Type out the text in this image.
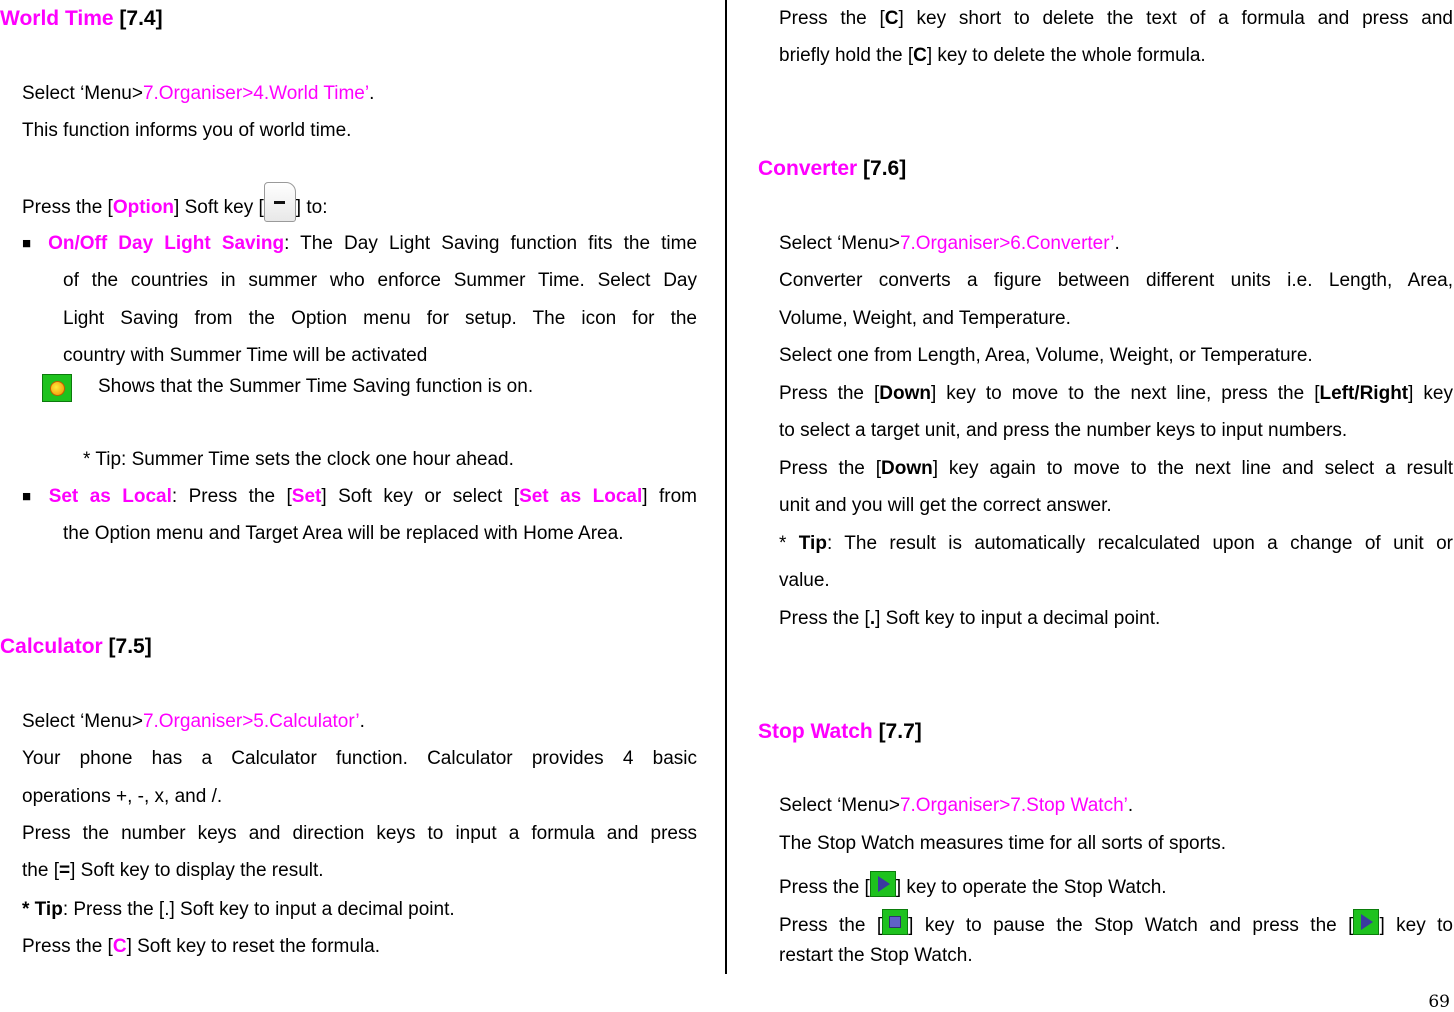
World Time [7.4]
Select ‘Menu>7.Organiser>4.World Time’.
This function informs you of world time.
Press the [Option] Soft key [ ] to:
■ On/Off Day Light Saving: The Day Light Saving function fits the time
of the countries in summer who enforce Summer Time. Select Day
Light Saving from the Option menu for setup. The icon for the
country with Summer Time will be activated
Shows that the Summer Time Saving function is on.
* Tip: Summer Time sets the clock one hour ahead.
■ Set as Local: Press the [Set] Soft key or select [Set as Local] from
the Option menu and Target Area will be replaced with Home Area.
Calculator [7.5]
Select ‘Menu>7.Organiser>5.Calculator’.
Your phone has a Calculator function. Calculator provides 4 basic
operations +, -, x, and /.
Press the number keys and direction keys to input a formula and press
the [=] Soft key to display the result.
* Tip: Press the [.] Soft key to input a decimal point.
Press the [C] Soft key to reset the formula.
Press the [C] key short to delete the text of a formula and press and
briefly hold the [C] key to delete the whole formula.
Converter [7.6]
Select ‘Menu>7.Organiser>6.Converter’.
Converter converts a figure between different units i.e. Length, Area,
Volume, Weight, and Temperature.
Select one from Length, Area, Volume, Weight, or Temperature.
Press the [Down] key to move to the next line, press the [Left/Right] key
to select a target unit, and press the number keys to input numbers.
Press the [Down] key again to move to the next line and select a result
unit and you will get the correct answer.
* Tip: The result is automatically recalculated upon a change of unit or
value.
Press the [.] Soft key to input a decimal point.
Stop Watch [7.7]
Select ‘Menu>7.Organiser>7.Stop Watch’.
The Stop Watch measures time for all sorts of sports.
Press the [ ] key to operate the Stop Watch.
Press the [ ] key to pause the Stop Watch and press the [ ] key to
restart the Stop Watch.
69
